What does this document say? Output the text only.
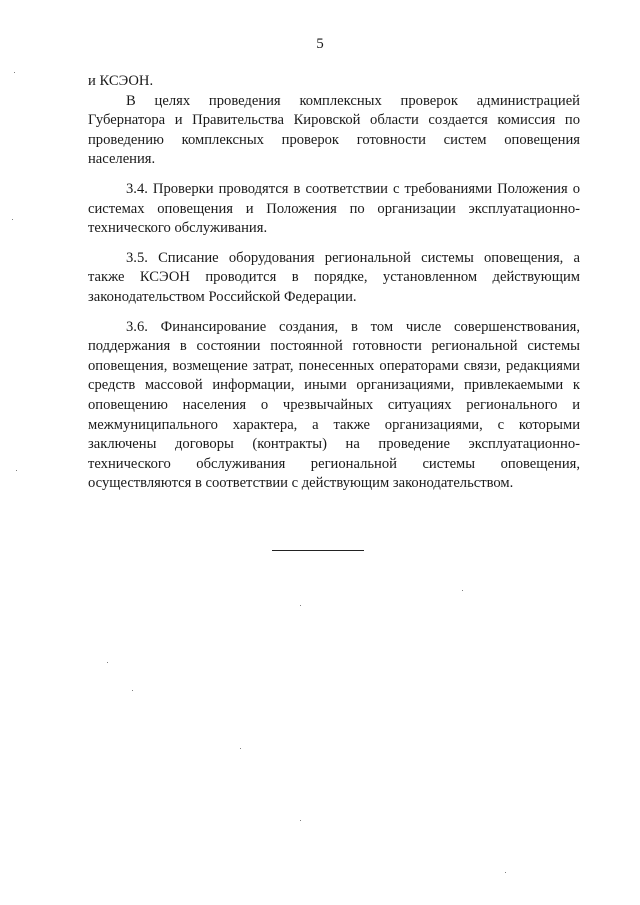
5

и КСЭОН.

В целях проведения комплексных проверок администрацией Губернатора и Правительства Кировской области создается комиссия по проведению комплексных проверок готовности систем оповещения населения.

3.4. Проверки проводятся в соответствии с требованиями Положения о системах оповещения и Положения по организации эксплуатационно-технического обслуживания.

3.5. Списание оборудования региональной системы оповещения, а также КСЭОН проводится в порядке, установленном действующим законодательством Российской Федерации.

3.6. Финансирование создания, в том числе совершенствования, поддержания в состоянии постоянной готовности региональной системы оповещения, возмещение затрат, понесенных операторами связи, редакциями средств массовой информации, иными организациями, привлекаемыми к оповещению населения о чрезвычайных ситуациях регионального и межмуниципального характера, а также организациями, с которыми заключены договоры (контракты) на проведение эксплуатационно-технического обслуживания региональной системы оповещения, осуществляются в соответствии с действующим законодательством.
